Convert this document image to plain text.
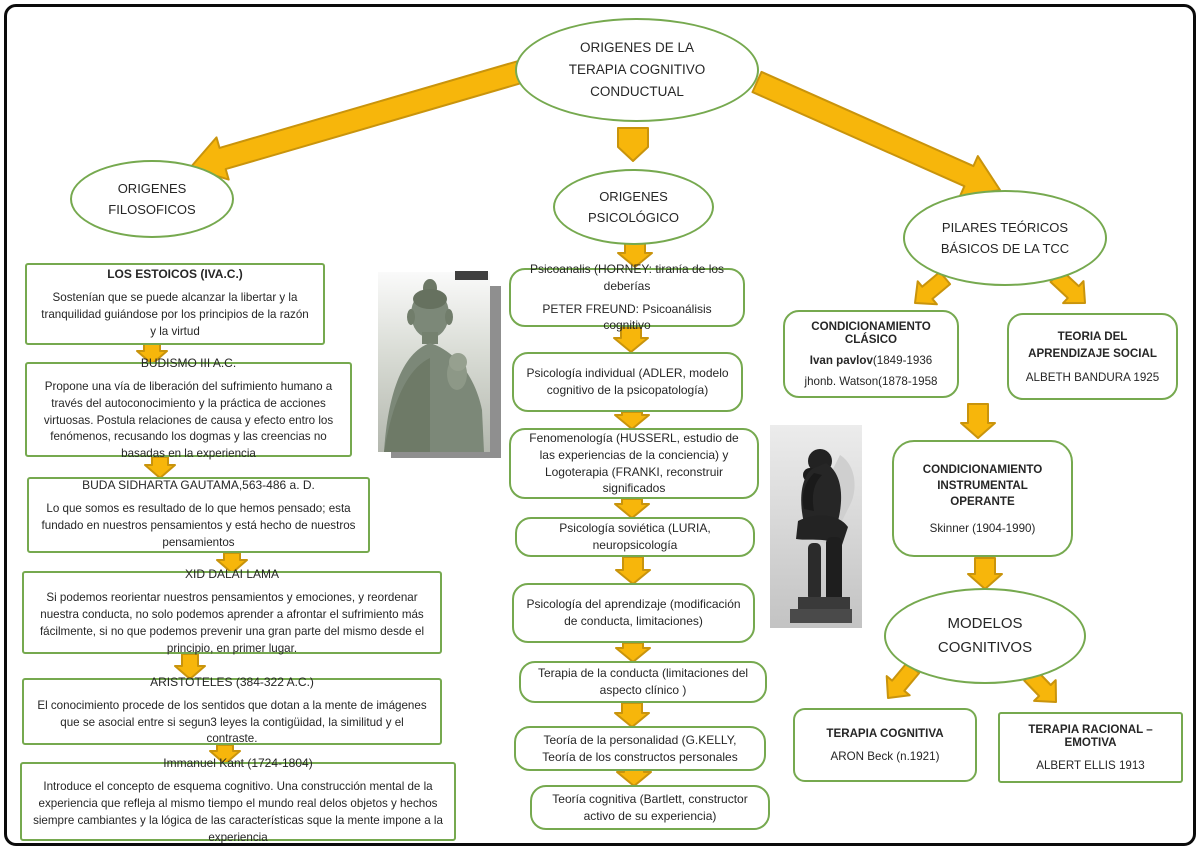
ORIGENES DE LA
TERAPIA COGNITIVO
CONDUCTUAL
ORIGENES
FILOSOFICOS
LOS ESTOICOS (IVA.C.)
Sostenían que se puede alcanzar la libertar y la tranquilidad guiándose por los principios de la razón y la virtud
BUDISMO III A.C.
Propone una vía de liberación del sufrimiento humano a través del autoconocimiento y la práctica de acciones virtuosas. Postula relaciones de causa y efecto entro los fenómenos, recusando los dogmas y las creencias no basadas en la experiencia
BUDA SIDHARTA GAUTAMA,563-486 a. D.
Lo que somos es resultado de lo que hemos pensado; esta fundado en nuestros pensamientos y está hecho de nuestros pensamientos
XID DALAI LAMA
Si podemos reorientar nuestros pensamientos y emociones, y reordenar nuestra conducta, no solo podemos aprender a afrontar el sufrimiento más fácilmente, si no que podemos prevenir una gran parte del mismo desde el principio, en primer lugar.
ARISTOTELES (384-322 A.C.)
El conocimiento procede de los sentidos que dotan a la mente de imágenes que se asocial entre si segun3 leyes la contigüidad, la similitud y el contraste.
Immanuel Kant (1724-1804)
Introduce el concepto de esquema cognitivo. Una construcción mental de la experiencia que refleja al mismo tiempo el mundo real delos objetos y hechos siempre cambiantes y la lógica de las características sque la mente impone a la experiencia
ORIGENES
PSICOLÓGICO
Psicoanalis (HORNEY: tiranía de los deberías
PETER FREUND: Psicoanálisis cognitivo
Psicología individual (ADLER, modelo cognitivo de la psicopatología)
Fenomenología (HUSSERL, estudio de las experiencias de la conciencia) y Logoterapia (FRANKI, reconstruir significados
Psicología soviética (LURIA, neuropsicología
Psicología del aprendizaje (modificación de conducta, limitaciones)
Terapia de la conducta (limitaciones del aspecto clínico )
Teoría de la personalidad (G.KELLY, Teoría de los constructos personales
Teoría cognitiva (Bartlett, constructor activo de su experiencia)
PILARES TEÓRICOS
BÁSICOS DE LA TCC
CONDICIONAMIENTO CLÁSICO
Ivan pavlov(1849-1936
jhonb. Watson(1878-1958
TEORIA DEL APRENDIZAJE SOCIAL
ALBETH BANDURA 1925
CONDICIONAMIENTO INSTRUMENTAL OPERANTE
Skinner (1904-1990)
MODELOS
COGNITIVOS
TERAPIA COGNITIVA
ARON Beck (n.1921)
TERAPIA RACIONAL – EMOTIVA
ALBERT ELLIS 1913
